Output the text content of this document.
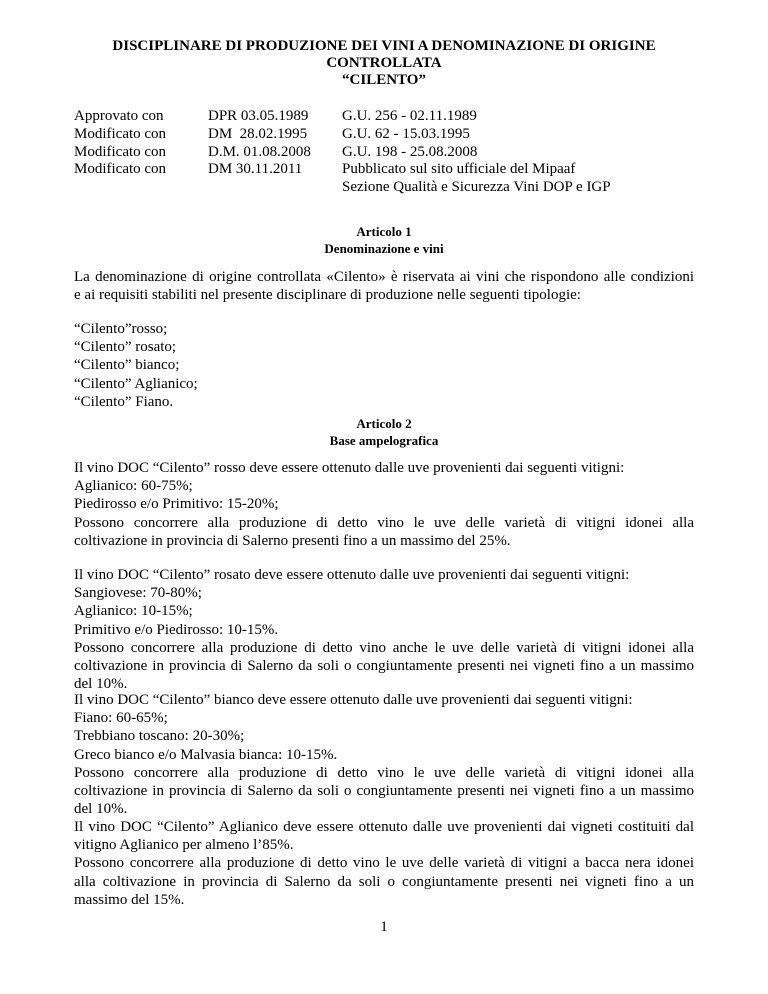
DISCIPLINARE DI PRODUZIONE DEI VINI A DENOMINAZIONE DI ORIGINE
CONTROLLATA
“CILENTO”
Approvato con	DPR 03.05.1989	G.U. 256 - 02.11.1989
Modificato con	DM  28.02.1995	G.U. 62 - 15.03.1995
Modificato con	D.M. 01.08.2008	G.U. 198 - 25.08.2008
Modificato con	DM 30.11.2011	Pubblicato sul sito ufficiale del Mipaaf
Sezione Qualità e Sicurezza Vini DOP e IGP
Articolo 1
Denominazione e vini
La denominazione di origine controllata «Cilento» è riservata ai vini che rispondono alle condizioni
e ai requisiti stabiliti nel presente disciplinare di produzione nelle seguenti tipologie:
“Cilento”rosso;
“Cilento” rosato;
“Cilento” bianco;
“Cilento” Aglianico;
“Cilento” Fiano.
Articolo 2
Base ampelografica
Il vino DOC “Cilento” rosso deve essere ottenuto dalle uve provenienti dai seguenti vitigni:
Aglianico: 60-75%;
Piedirosso e/o Primitivo: 15-20%;
Possono concorrere alla produzione di detto vino le uve delle varietà di vitigni idonei alla
coltivazione in provincia di Salerno presenti fino a un massimo del 25%.
Il vino DOC “Cilento” rosato deve essere ottenuto dalle uve provenienti dai seguenti vitigni:
Sangiovese: 70-80%;
Aglianico: 10-15%;
Primitivo e/o Piedirosso: 10-15%.
Possono concorrere alla produzione di detto vino anche le uve delle varietà di vitigni idonei alla
coltivazione in provincia di Salerno da soli o congiuntamente presenti nei vigneti fino a un massimo
del 10%.
Il vino DOC “Cilento” bianco deve essere ottenuto dalle uve provenienti dai seguenti vitigni:
Fiano: 60-65%;
Trebbiano toscano: 20-30%;
Greco bianco e/o Malvasia bianca: 10-15%.
Possono concorrere alla produzione di detto vino le uve delle varietà di vitigni idonei alla
coltivazione in provincia di Salerno da soli o congiuntamente presenti nei vigneti fino a un massimo
del 10%.
Il vino DOC “Cilento” Aglianico deve essere ottenuto dalle uve provenienti dai vigneti costituiti dal
vitigno Aglianico per almeno l’85%.
Possono concorrere alla produzione di detto vino le uve delle varietà di vitigni a bacca nera idonei
alla coltivazione in provincia di Salerno da soli o congiuntamente presenti nei vigneti fino a un
massimo del 15%.
1
